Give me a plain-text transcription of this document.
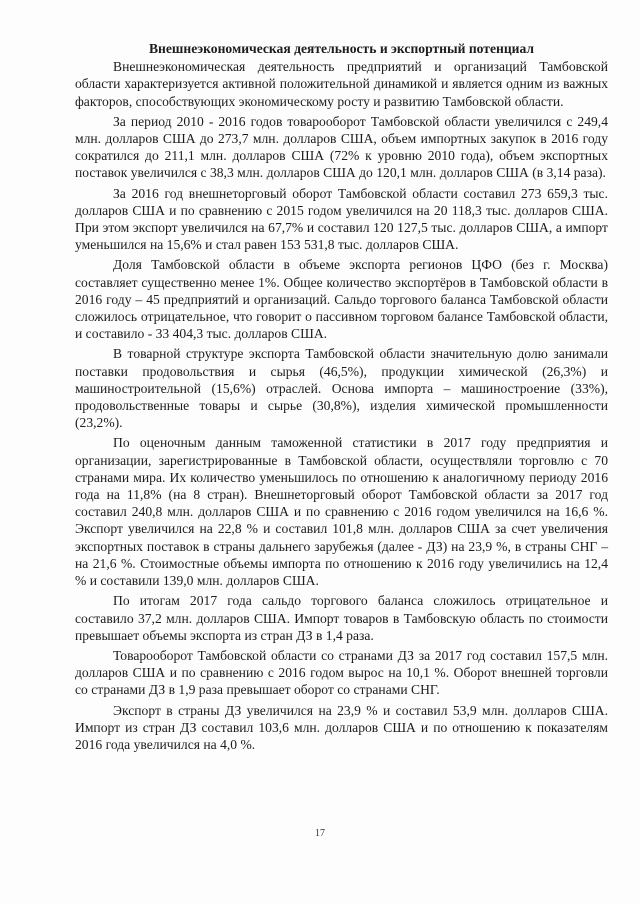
Внешнеэкономическая деятельность и экспортный потенциал

Внешнеэкономическая деятельность предприятий и организаций Тамбовской области характеризуется активной положительной динамикой и является одним из важных факторов, способствующих экономическому росту и развитию Тамбовской области.

За период 2010 - 2016 годов товарооборот Тамбовской области увеличился с 249,4 млн. долларов США до 273,7 млн. долларов США, объем импортных закупок в 2016 году сократился до 211,1 млн. долларов США (72% к уровню 2010 года), объем экспортных поставок увеличился с 38,3 млн. долларов США до 120,1 млн. долларов США (в 3,14 раза).

За 2016 год внешнеторговый оборот Тамбовской области составил 273 659,3 тыс. долларов США и по сравнению с 2015 годом увеличился на 20 118,3 тыс. долларов США. При этом экспорт увеличился на 67,7% и составил 120 127,5 тыс. долларов США, а импорт уменьшился на 15,6% и стал равен 153 531,8 тыс. долларов США.

Доля Тамбовской области в объеме экспорта регионов ЦФО (без г. Москва) составляет существенно менее 1%. Общее количество экспортёров в Тамбовской области в 2016 году – 45 предприятий и организаций. Сальдо торгового баланса Тамбовской области сложилось отрицательное, что говорит о пассивном торговом балансе Тамбовской области, и составило - 33 404,3 тыс. долларов США.

В товарной структуре экспорта Тамбовской области значительную долю занимали поставки продовольствия и сырья (46,5%), продукции химической (26,3%) и машиностроительной (15,6%) отраслей. Основа импорта – машиностроение (33%), продовольственные товары и сырье (30,8%), изделия химической промышленности (23,2%).

По оценочным данным таможенной статистики в 2017 году предприятия и организации, зарегистрированные в Тамбовской области, осуществляли торговлю с 70 странами мира. Их количество уменьшилось по отношению к аналогичному периоду 2016 года на 11,8% (на 8 стран). Внешнеторговый оборот Тамбовской области за 2017 год составил 240,8 млн. долларов США и по сравнению с 2016 годом увеличился на 16,6 %. Экспорт увеличился на 22,8 % и составил 101,8 млн. долларов США за счет увеличения экспортных поставок в страны дальнего зарубежья (далее - ДЗ) на 23,9 %, в страны СНГ – на 21,6 %. Стоимостные объемы импорта по отношению к 2016 году увеличились на 12,4 % и составили 139,0 млн. долларов США.

По итогам 2017 года сальдо торгового баланса сложилось отрицательное и составило 37,2 млн. долларов США. Импорт товаров в Тамбовскую область по стоимости превышает объемы экспорта из стран ДЗ в 1,4 раза.

Товарооборот Тамбовской области со странами ДЗ за 2017 год составил 157,5 млн. долларов США и по сравнению с 2016 годом вырос на 10,1 %. Оборот внешней торговли со странами ДЗ в 1,9 раза превышает оборот со странами СНГ.

Экспорт в страны ДЗ увеличился на 23,9 % и составил 53,9 млн. долларов США. Импорт из стран ДЗ составил 103,6 млн. долларов США и по отношению к показателям 2016 года увеличился на 4,0 %.

17
